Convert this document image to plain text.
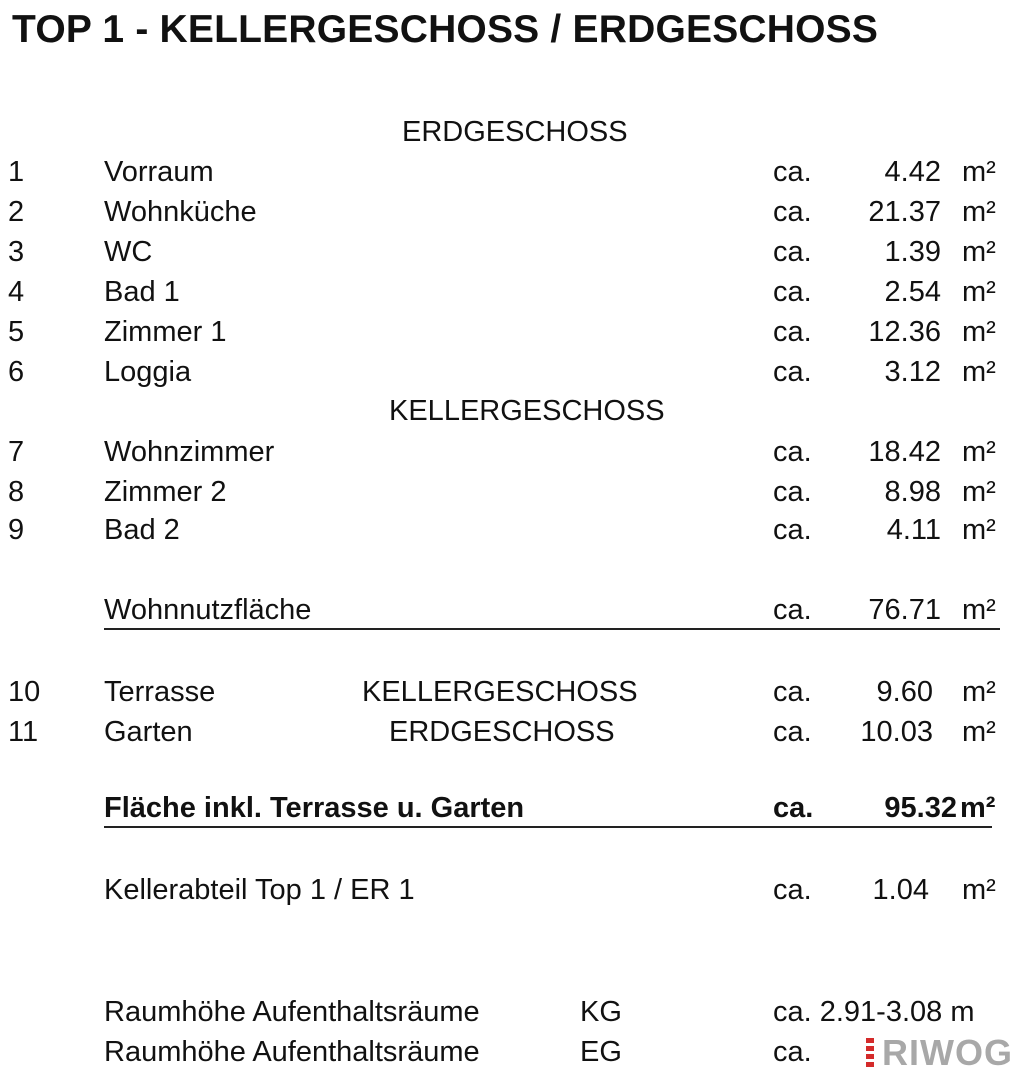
TOP 1 - KELLERGESCHOSS / ERDGESCHOSS
ERDGESCHOSS
1	Vorraum	ca.	4.42 m²
2	Wohnküche	ca. 21.37 m²
3	WC	ca.	1.39 m²
4	Bad 1	ca.	2.54 m²
5	Zimmer 1	ca. 12.36 m²
6	Loggia	ca.	3.12 m²
KELLERGESCHOSS
7	Wohnzimmer	ca. 18.42 m²
8	Zimmer 2	ca.	8.98 m²
9	Bad 2	ca.	4.11 m²
Wohnnutzfläche	ca. 76.71 m²
10 Terrasse	KELLERGESCHOSS	ca. 9.60 m²
11 Garten	ERDGESCHOSS	ca. 10.03 m²
Fläche inkl. Terrasse u. Garten	ca. 95.32 m²
Kellerabteil Top 1 / ER 1	ca. 1.04 m²
Raumhöhe Aufenthaltsräume	KG	ca. 2.91-3.08 m
Raumhöhe Aufenthaltsräume	EG	ca. RIWOG
